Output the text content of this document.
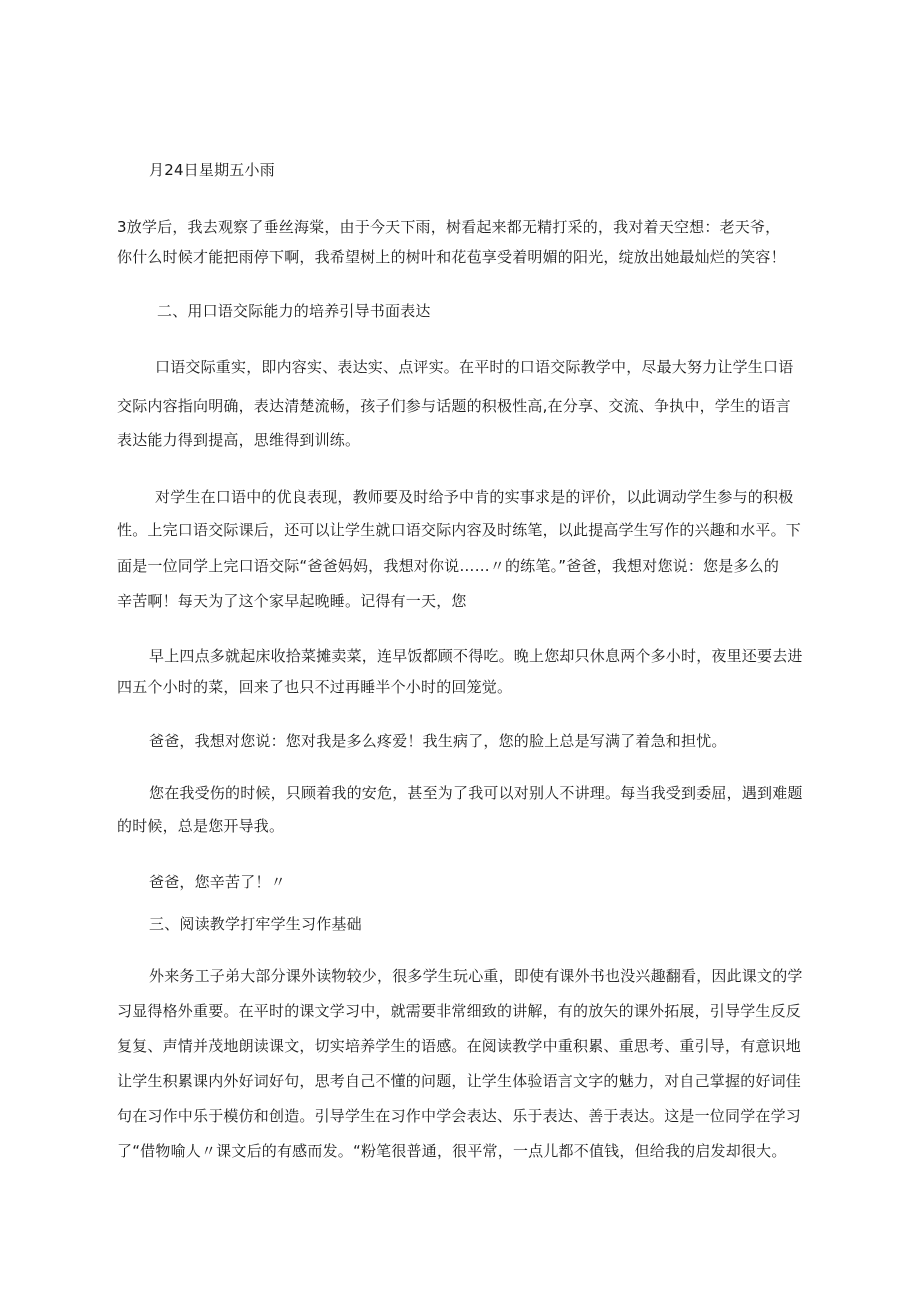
月24日星期五小雨
3放学后，我去观察了垂丝海棠，由于今天下雨，树看起来都无精打采的，我对着天空想：老天爷，
你什么时候才能把雨停下啊，我希望树上的树叶和花苞享受着明媚的阳光，绽放出她最灿烂的笑容！
二、用口语交际能力的培养引导书面表达
口语交际重实，即内容实、表达实、点评实。在平时的口语交际教学中，尽最大努力让学生口语
交际内容指向明确，表达清楚流畅，孩子们参与话题的积极性高,在分享、交流、争执中，学生的语言
表达能力得到提高，思维得到训练。
对学生在口语中的优良表现，教师要及时给予中肯的实事求是的评价，以此调动学生参与的积极
性。上完口语交际课后，还可以让学生就口语交际内容及时练笔，以此提高学生写作的兴趣和水平。下
面是一位同学上完口语交际“爸爸妈妈，我想对你说……〃的练笔。”爸爸，我想对您说：您是多么的
辛苦啊！每天为了这个家早起晚睡。记得有一天，您
早上四点多就起床收拾菜摊卖菜，连早饭都顾不得吃。晚上您却只休息两个多小时，夜里还要去进
四五个小时的菜，回来了也只不过再睡半个小时的回笼觉。
爸爸，我想对您说：您对我是多么疼爱！我生病了，您的脸上总是写满了着急和担忧。
您在我受伤的时候，只顾着我的安危，甚至为了我可以对别人不讲理。每当我受到委屈，遇到难题
的时候，总是您开导我。
爸爸，您辛苦了！〃
三、阅读教学打牢学生习作基础
外来务工子弟大部分课外读物较少，很多学生玩心重，即使有课外书也没兴趣翻看，因此课文的学
习显得格外重要。在平时的课文学习中，就需要非常细致的讲解，有的放矢的课外拓展，引导学生反反
复复、声情并茂地朗读课文，切实培养学生的语感。在阅读教学中重积累、重思考、重引导，有意识地
让学生积累课内外好词好句，思考自己不懂的问题，让学生体验语言文字的魅力，对自己掌握的好词佳
句在习作中乐于模仿和创造。引导学生在习作中学会表达、乐于表达、善于表达。这是一位同学在学习
了“借物喻人〃课文后的有感而发。“粉笔很普通，很平常，一点儿都不值钱，但给我的启发却很大。
